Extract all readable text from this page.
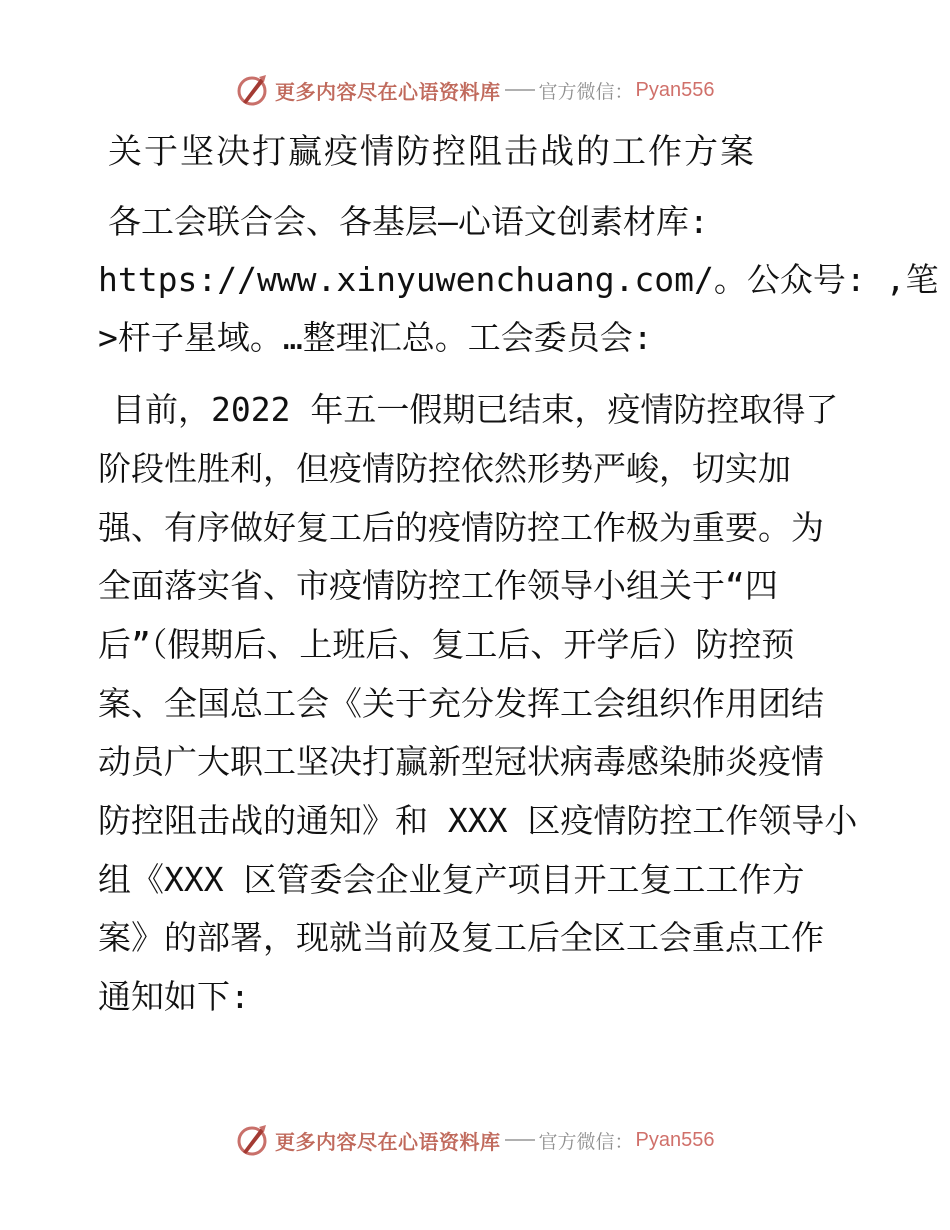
更多内容尽在心语资料库 官方微信： Pyan556
关于坚决打赢疫情防控阻击战的工作方案
各工会联合会、各基层—心语文创素材库:
https://www.xinyuwenchuang.com/。公众号: ,笔
>杆子星域。…整理汇总。工会委员会:
目前，2022 年五一假期已结束，疫情防控取得了
阶段性胜利，但疫情防控依然形势严峻，切实加
强、有序做好复工后的疫情防控工作极为重要。为
全面落实省、市疫情防控工作领导小组关于“四
后”（假期后、上班后、复工后、开学后）防控预
案、全国总工会《关于充分发挥工会组织作用团结
动员广大职工坚决打赢新型冠状病毒感染肺炎疫情
防控阻击战的通知》和 XXX 区疫情防控工作领导小
组《XXX 区管委会企业复产项目开工复工工作方
案》的部署，现就当前及复工后全区工会重点工作
通知如下:
更多内容尽在心语资料库 官方微信： Pyan556
